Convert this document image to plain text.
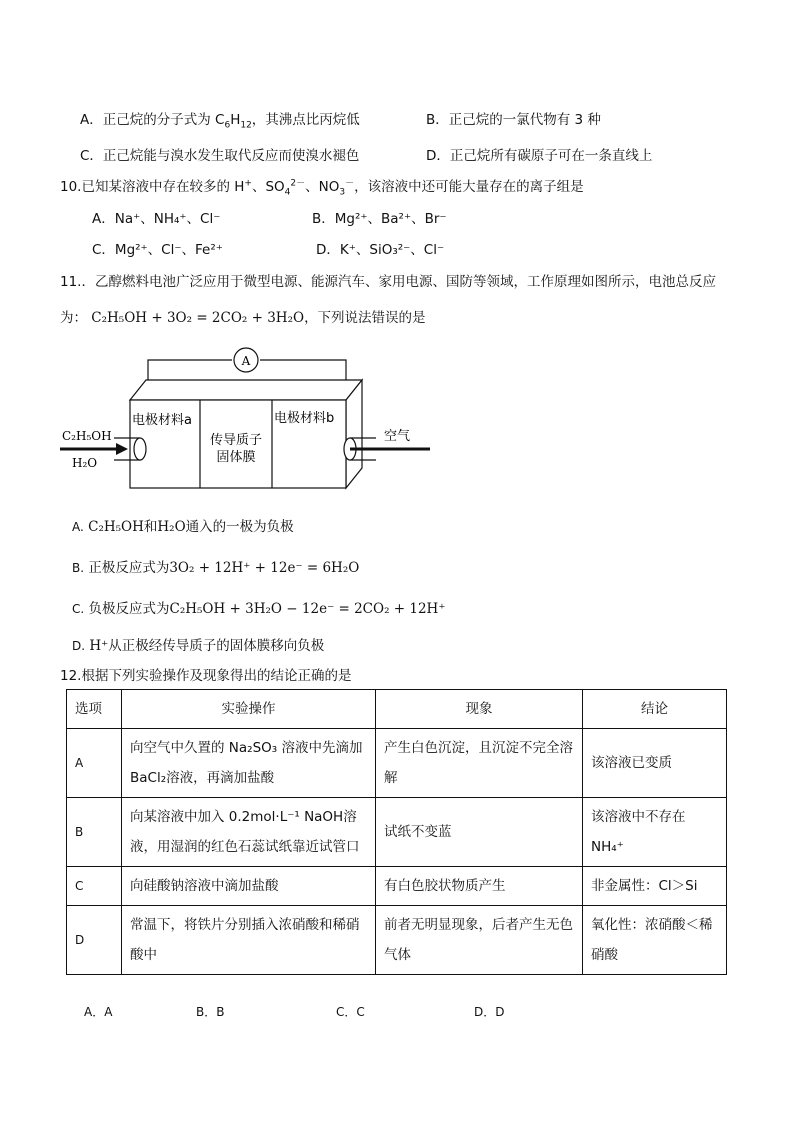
A．正己烷的分子式为 $C_6H_{12}$，其沸点比丙烷低	B．正己烷的一氯代物有 3 种
C．正己烷能与溴水发生取代反应而使溴水褪色	D．正己烷所有碳原子可在一条直线上
10.已知某溶液中存在较多的 H+、$SO_4^{2-}$、$NO_3^-$，该溶液中还可能大量存在的离子组是
A．Na⁺、NH₄⁺、Cl⁻	B．Mg²⁺、Ba²⁺、Br⁻
C．Mg²⁺、Cl⁻、Fe²⁺	D．K⁺、SiO₃²⁻、Cl⁻
11.．乙醇燃料电池广泛应用于微型电源、能源汽车、家用电源、国防等领域，工作原理如图所示，电池总反应
为： C₂H₅OH + 3O₂ = 2CO₂ + 3H₂O，下列说法错误的是
A
电极材料a	电极材料b
传导质子
固体膜
C₂H₅OH
H₂O
空气
A. C₂H₅OH和H₂O通入的一极为负极
B. 正极反应式为3O₂ + 12H⁺ + 12e⁻ = 6H₂O
C. 负极反应式为C₂H₅OH + 3H₂O − 12e⁻ = 2CO₂ + 12H⁺
D. H⁺从正极经传导质子的固体膜移向负极
12.根据下列实验操作及现象得出的结论正确的是
选项	实验操作	现象	结论
A	向空气中久置的 Na₂SO₃ 溶液中先滴加 BaCl₂溶液，再滴加盐酸	产生白色沉淀，且沉淀不完全溶解	该溶液已变质
B	向某溶液中加入 0.2mol·L⁻¹ NaOH溶液，用湿润的红色石蕊试纸靠近试管口	试纸不变蓝	该溶液中不存在NH₄⁺
C	向硅酸钠溶液中滴加盐酸	有白色胶状物质产生	非金属性：Cl＞Si
D	常温下，将铁片分别插入浓硝酸和稀硝酸中	前者无明显现象，后者产生无色气体	氧化性：浓硝酸＜稀硝酸
A．A	B．B	C．C	D．D
